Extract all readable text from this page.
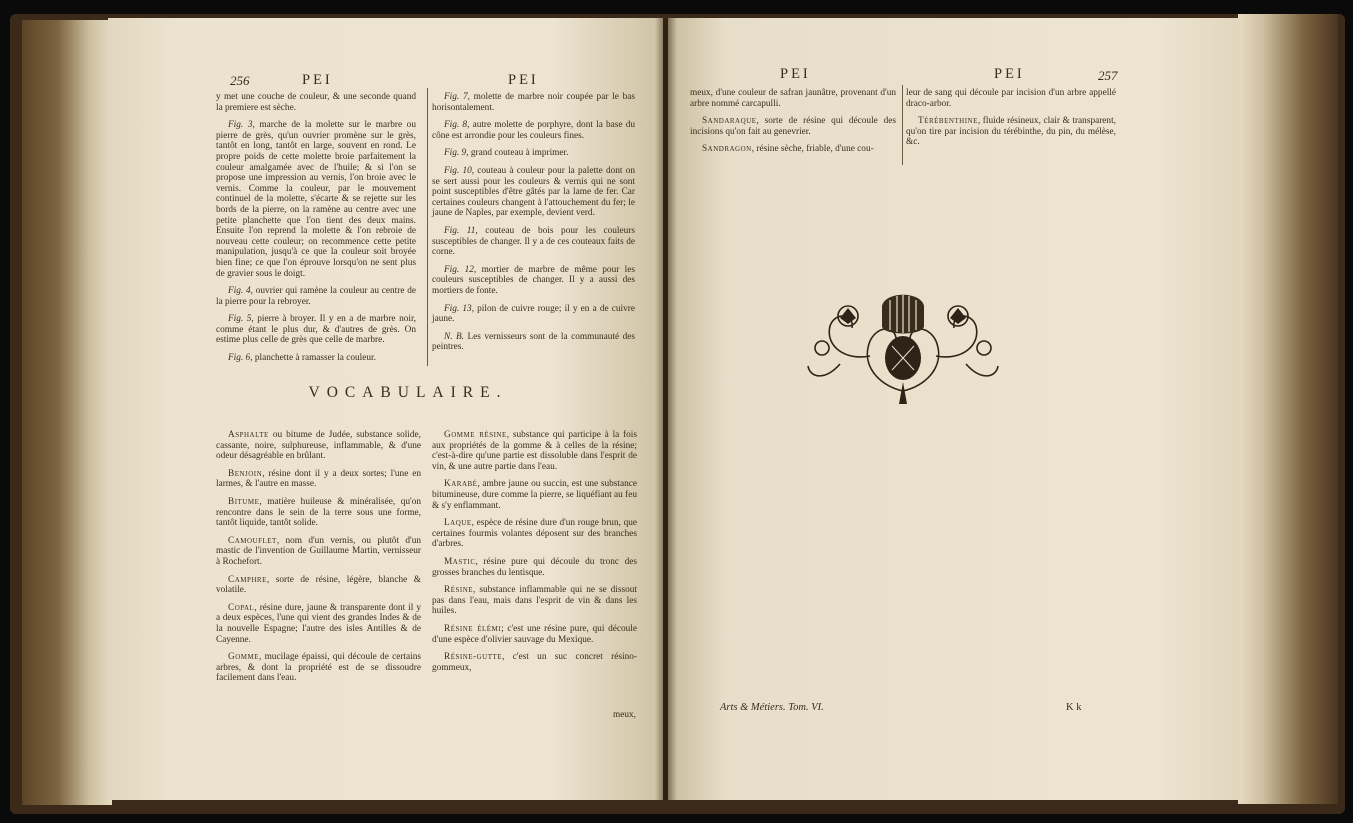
256	PEI	PEI

y met une couche de couleur, & une seconde quand la premiere est sèche.

Fig. 3, marche de la molette sur le marbre ou pierre de grès, qu'un ouvrier promène sur le grès, tantôt en long, tantôt en large, souvent en rond. Le propre poids de cette molette broie parfaitement la couleur amalgamée avec de l'huile; & si l'on se propose une impression au vernis, l'on broie avec le vernis. Comme la couleur, par le mouvement continuel de la molette, s'écarte & se rejette sur les bords de la pierre, on la ramène au centre avec une petite planchette que l'on tient des deux mains. Ensuite l'on reprend la molette & l'on rebroie de nouveau cette couleur; on recommence cette petite manipulation, jusqu'à ce que la couleur soit broyée bien fine; ce que l'on éprouve lorsqu'on ne sent plus de gravier sous le doigt.

Fig. 4, ouvrier qui ramène la couleur au centre de la pierre pour la rebroyer.

Fig. 5, pierre à broyer. Il y en a de marbre noir, comme étant le plus dur, & d'autres de grès. On estime plus celle de grès que celle de marbre.

Fig. 6, planchette à ramasser la couleur.

Fig. 7, molette de marbre noir coupée par le bas horisontalement.

Fig. 8, autre molette de porphyre, dont la base du cône est arrondie pour les couleurs fines.

Fig. 9, grand couteau à imprimer.

Fig. 10, couteau à couleur pour la palette dont on se sert aussi pour les couleurs & vernis qui ne sont point susceptibles d'être gâtés par la lame de fer. Car certaines couleurs changent à l'attouchement du fer; le jaune de Naples, par exemple, devient verd.

Fig. 11, couteau de bois pour les couleurs susceptibles de changer. Il y a de ces couteaux faits de corne.

Fig. 12, mortier de marbre de même pour les couleurs susceptibles de changer. Il y a aussi des mortiers de fonte.

Fig. 13, pilon de cuivre rouge; il y en a de cuivre jaune.

N. B. Les vernisseurs sont de la communauté des peintres.

VOCABULAIRE.

Asphalte ou bitume de Judée, substance solide, cassante, noire, sulphureuse, inflammable, & d'une odeur désagréable en brûlant.

Benjoin, résine dont il y a deux sortes; l'une en larmes, & l'autre en masse.

Bitume, matière huileuse & minéralisée, qu'on rencontre dans le sein de la terre sous une forme, tantôt liquide, tantôt solide.

Camouflet, nom d'un vernis, ou plutôt d'un mastic de l'invention de Guillaume Martin, vernisseur à Rochefort.

Camphre, sorte de résine, légère, blanche & volatile.

Copal, résine dure, jaune & transparente dont il y a deux espèces, l'une qui vient des grandes Indes & de la nouvelle Espagne; l'autre des isles Antilles & de Cayenne.

Gomme, mucilage épaissi, qui découle de certains arbres, & dont la propriété est de se dissoudre facilement dans l'eau.

Gomme résine, substance qui participe à la fois aux propriétés de la gomme & à celles de la résine; c'est-à-dire qu'une partie est dissoluble dans l'esprit de vin, & une autre partie dans l'eau.

Karabé, ambre jaune ou succin, est une substance bitumineuse, dure comme la pierre, se liquéfiant au feu & s'y enflammant.

Laque, espèce de résine dure d'un rouge brun, que certaines fourmis volantes déposent sur des branches d'arbres.

Mastic, résine pure qui découle du tronc des grosses branches du lentisque.

Résine, substance inflammable qui ne se dissout pas dans l'eau, mais dans l'esprit de vin & dans les huiles.

Résine élémi; c'est une résine pure, qui découle d'une espèce d'olivier sauvage du Mexique.

Résine-gutte, c'est un suc concret résino-gommeux,

meux,
PEI	PEI	257

meux, d'une couleur de safran jaunâtre, provenant d'un arbre nommé carcapulli.

Sandaraque, sorte de résine qui découle des incisions qu'on fait au genevrier.

Sandragon, résine sèche, friable, d'une cou-

leur de sang qui découle par incision d'un arbre appellé draco-arbor.

Térébenthine, fluide résineux, clair & transparent, qu'on tire par incision du térébinthe, du pin, du mélèse, &c.

Arts & Métiers. Tom. VI.	K k
